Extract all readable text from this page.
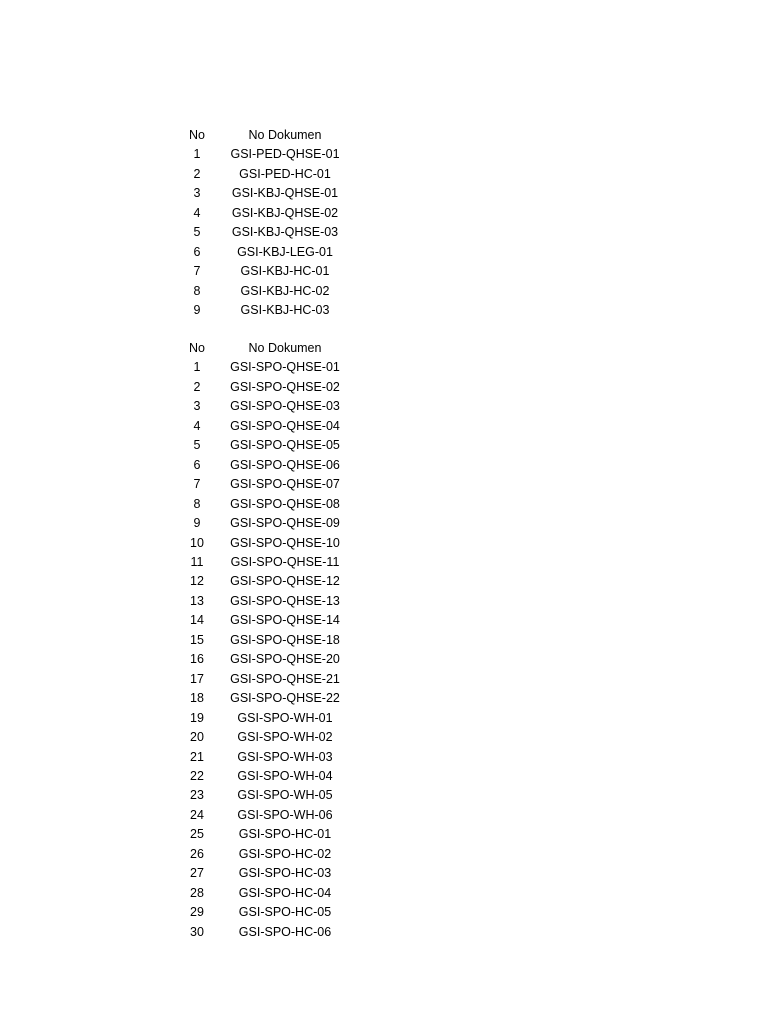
No	No Dokumen
1	GSI-PED-QHSE-01
2	GSI-PED-HC-01
3	GSI-KBJ-QHSE-01
4	GSI-KBJ-QHSE-02
5	GSI-KBJ-QHSE-03
6	GSI-KBJ-LEG-01
7	GSI-KBJ-HC-01
8	GSI-KBJ-HC-02
9	GSI-KBJ-HC-03
No	No Dokumen
1	GSI-SPO-QHSE-01
2	GSI-SPO-QHSE-02
3	GSI-SPO-QHSE-03
4	GSI-SPO-QHSE-04
5	GSI-SPO-QHSE-05
6	GSI-SPO-QHSE-06
7	GSI-SPO-QHSE-07
8	GSI-SPO-QHSE-08
9	GSI-SPO-QHSE-09
10	GSI-SPO-QHSE-10
11	GSI-SPO-QHSE-11
12	GSI-SPO-QHSE-12
13	GSI-SPO-QHSE-13
14	GSI-SPO-QHSE-14
15	GSI-SPO-QHSE-18
16	GSI-SPO-QHSE-20
17	GSI-SPO-QHSE-21
18	GSI-SPO-QHSE-22
19	GSI-SPO-WH-01
20	GSI-SPO-WH-02
21	GSI-SPO-WH-03
22	GSI-SPO-WH-04
23	GSI-SPO-WH-05
24	GSI-SPO-WH-06
25	GSI-SPO-HC-01
26	GSI-SPO-HC-02
27	GSI-SPO-HC-03
28	GSI-SPO-HC-04
29	GSI-SPO-HC-05
30	GSI-SPO-HC-06
